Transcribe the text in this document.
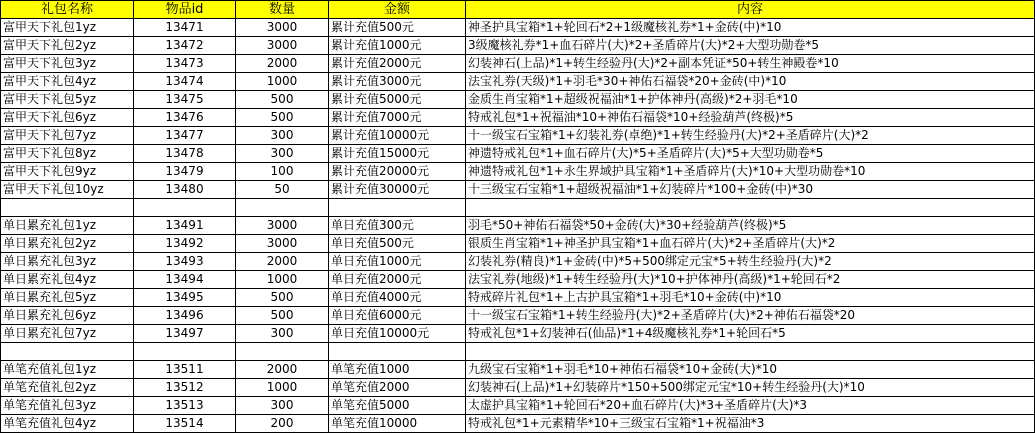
礼包名称	物品id	数量	金额	内容
富甲天下礼包1yz	13471	3000	累计充值500元	神圣护具宝箱*1+轮回石*2+1级魔核礼券*1+金砖(中)*10
富甲天下礼包2yz	13472	3000	累计充值1000元	3级魔核礼券*1+血石碎片(大)*2+圣盾碎片(大)*2+大型功勋卷*5
富甲天下礼包3yz	13473	2000	累计充值2000元	幻装神石(上品)*1+转生经验丹(大)*2+副本凭证*50+转生神殿卷*10
富甲天下礼包4yz	13474	1000	累计充值3000元	法宝礼券(天级)*1+羽毛*30+神佑石福袋*20+金砖(中)*10
富甲天下礼包5yz	13475	500	累计充值5000元	金质生肖宝箱*1+超级祝福油*1+护体神丹(高级)*2+羽毛*10
富甲天下礼包6yz	13476	500	累计充值7000元	特戒礼包*1+祝福油*10+神佑石福袋*10+经验葫芦(终极)*5
富甲天下礼包7yz	13477	300	累计充值10000元	十一级宝石宝箱*1+幻装礼券(卓绝)*1+转生经验丹(大)*2+圣盾碎片(大)*2
富甲天下礼包8yz	13478	300	累计充值15000元	神遗特戒礼包*1+血石碎片(大)*5+圣盾碎片(大)*5+大型功勋卷*5
富甲天下礼包9yz	13479	100	累计充值20000元	神遗特戒礼包*1+永生界域护具宝箱*1+圣盾碎片(大)*10+大型功勋卷*10
富甲天下礼包10yz	13480	50	累计充值30000元	十三级宝石宝箱*1+超级祝福油*1+幻装碎片*100+金砖(中)*30

单日累充礼包1yz	13491	3000	单日充值300元	羽毛*50+神佑石福袋*50+金砖(大)*30+经验葫芦(终极)*5
单日累充礼包2yz	13492	3000	单日充值500元	银质生肖宝箱*1+神圣护具宝箱*1+血石碎片(大)*2+圣盾碎片(大)*2
单日累充礼包3yz	13493	2000	单日充值1000元	幻装礼券(精良)*1+金砖(中)*5+500绑定元宝*5+转生经验丹(大)*2
单日累充礼包4yz	13494	1000	单日充值2000元	法宝礼券(地级)*1+转生经验丹(大)*10+护体神丹(高级)*1+轮回石*2
单日累充礼包5yz	13495	500	单日充值4000元	特戒碎片礼包*1+上古护具宝箱*1+羽毛*10+金砖(中)*10
单日累充礼包6yz	13496	500	单日充值6000元	十一级宝石宝箱*1+转生经验丹(大)*2+圣盾碎片(大)*2+神佑石福袋*20
单日累充礼包7yz	13497	300	单日充值10000元	特戒礼包*1+幻装神石(仙品)*1+4级魔核礼券*1+轮回石*5

单笔充值礼包1yz	13511	2000	单笔充值1000	九级宝石宝箱*1+羽毛*10+神佑石福袋*10+金砖(大)*10
单笔充值礼包2yz	13512	1000	单笔充值2000	幻装神石(上品)*1+幻装碎片*150+500绑定元宝*10+转生经验丹(大)*10
单笔充值礼包3yz	13513	300	单笔充值5000	太虚护具宝箱*1+轮回石*20+血石碎片(大)*3+圣盾碎片(大)*3
单笔充值礼包4yz	13514	200	单笔充值10000	特戒礼包*1+元素精华*10+三级宝石宝箱*1+祝福油*3
